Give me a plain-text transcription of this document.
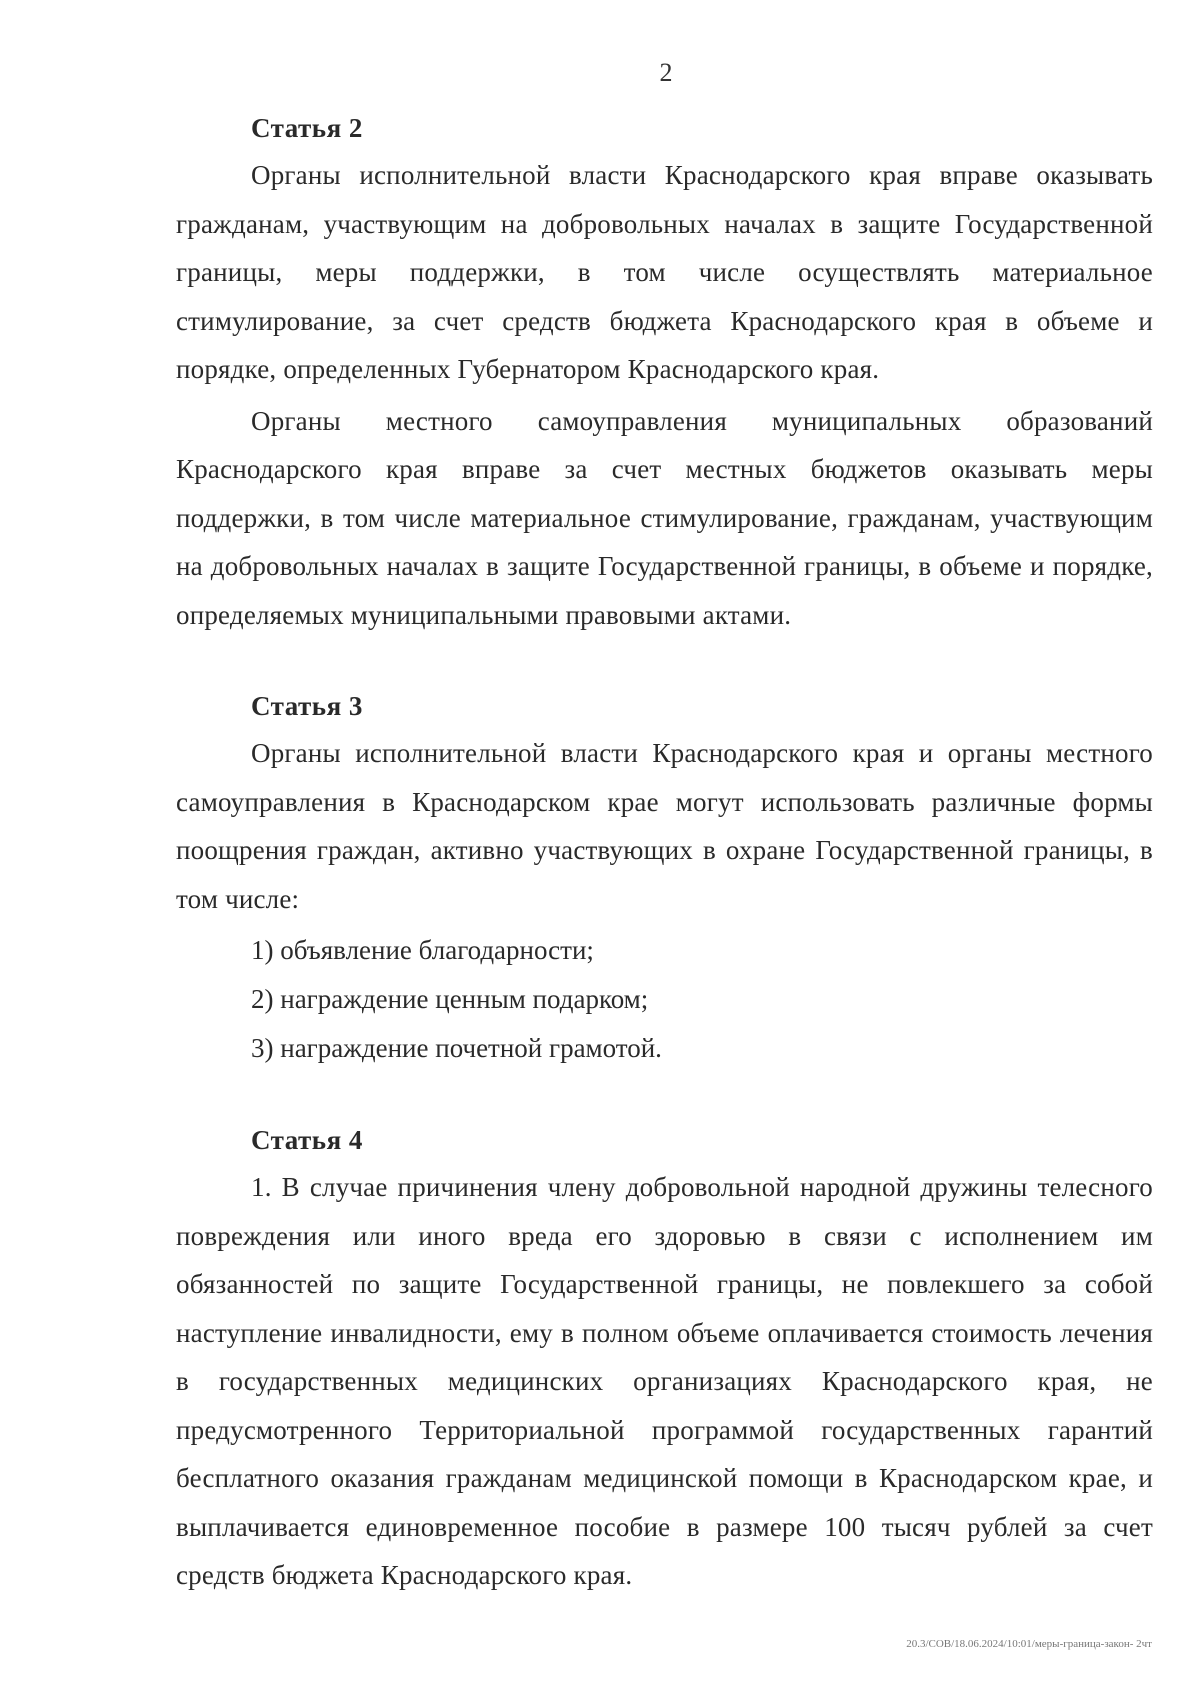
2

Статья 2

Органы исполнительной власти Краснодарского края вправе оказывать гражданам, участвующим на добровольных началах в защите Государственной границы, меры поддержки, в том числе осуществлять материальное стимулирование, за счет средств бюджета Краснодарского края в объеме и порядке, определенных Губернатором Краснодарского края.

Органы местного самоуправления муниципальных образований Краснодарского края вправе за счет местных бюджетов оказывать меры поддержки, в том числе материальное стимулирование, гражданам, участвующим на добровольных началах в защите Государственной границы, в объеме и порядке, определяемых муниципальными правовыми актами.

Статья 3

Органы исполнительной власти Краснодарского края и органы местного самоуправления в Краснодарском крае могут использовать различные формы поощрения граждан, активно участвующих в охране Государственной границы, в том числе:

1) объявление благодарности;

2) награждение ценным подарком;

3) награждение почетной грамотой.

Статья 4

1. В случае причинения члену добровольной народной дружины телесного повреждения или иного вреда его здоровью в связи с исполнением им обязанностей по защите Государственной границы, не повлекшего за собой наступление инвалидности, ему в полном объеме оплачивается стоимость лечения в государственных медицинских организациях Краснодарского края, не предусмотренного Территориальной программой государственных гарантий бесплатного оказания гражданам медицинской помощи в Краснодарском крае, и выплачивается единовременное пособие в размере 100 тысяч рублей за счет средств бюджета Краснодарского края.

20.3/СОВ/18.06.2024/10:01/меры-граница-закон- 2чт
